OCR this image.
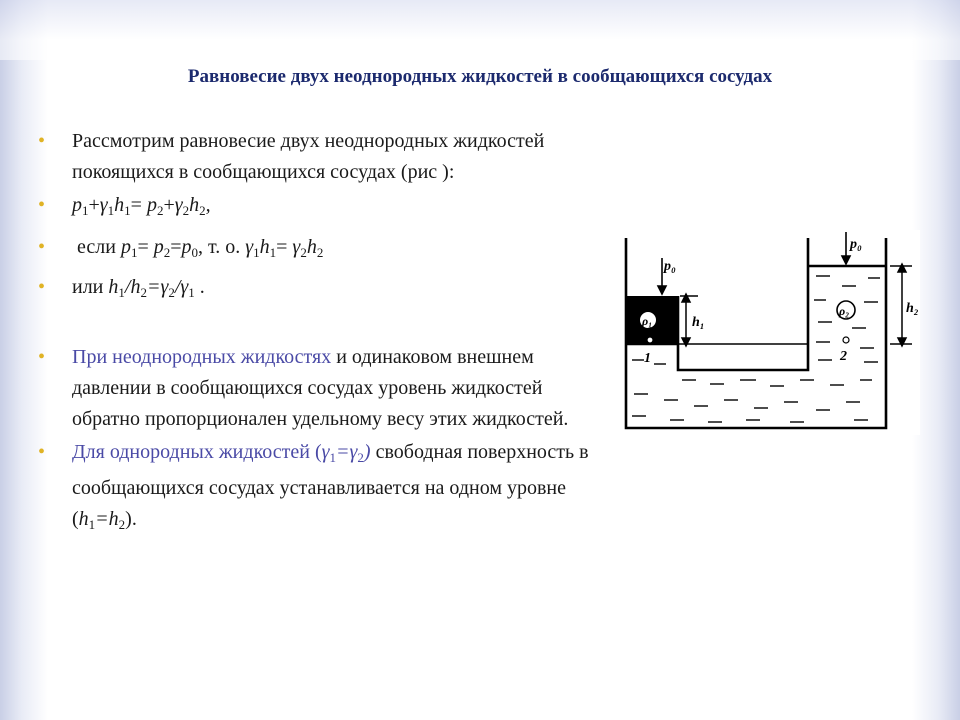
Равновесие двух неоднородных жидкостей в сообщающихся сосудах
• Рассмотрим равновесие двух неоднородных жидкостей покоящихся в сообщающихся сосудах (рис ):
• $p_1+\gamma_1h_1= p_2+\gamma_2h_2$,
• если $p_1= p_2=p_0$, т. о. $\gamma_1h_1= \gamma_2h_2$
• или $h_1/h_2=\gamma_2/\gamma_1$ .
• При неоднородных жидкостях и одинаковом внешнем давлении в сообщающихся сосудах уровень жидкостей обратно пропорционален удельному весу этих жидкостей.
• Для однородных жидкостей $(\gamma_1=\gamma_2)$ свободная поверхность в сообщающихся сосудах устанавливается на одном уровне $(h_1=h_2)$.
p₀
p₀
h₁
h₂
ρ₁
ρ₂
1	2
